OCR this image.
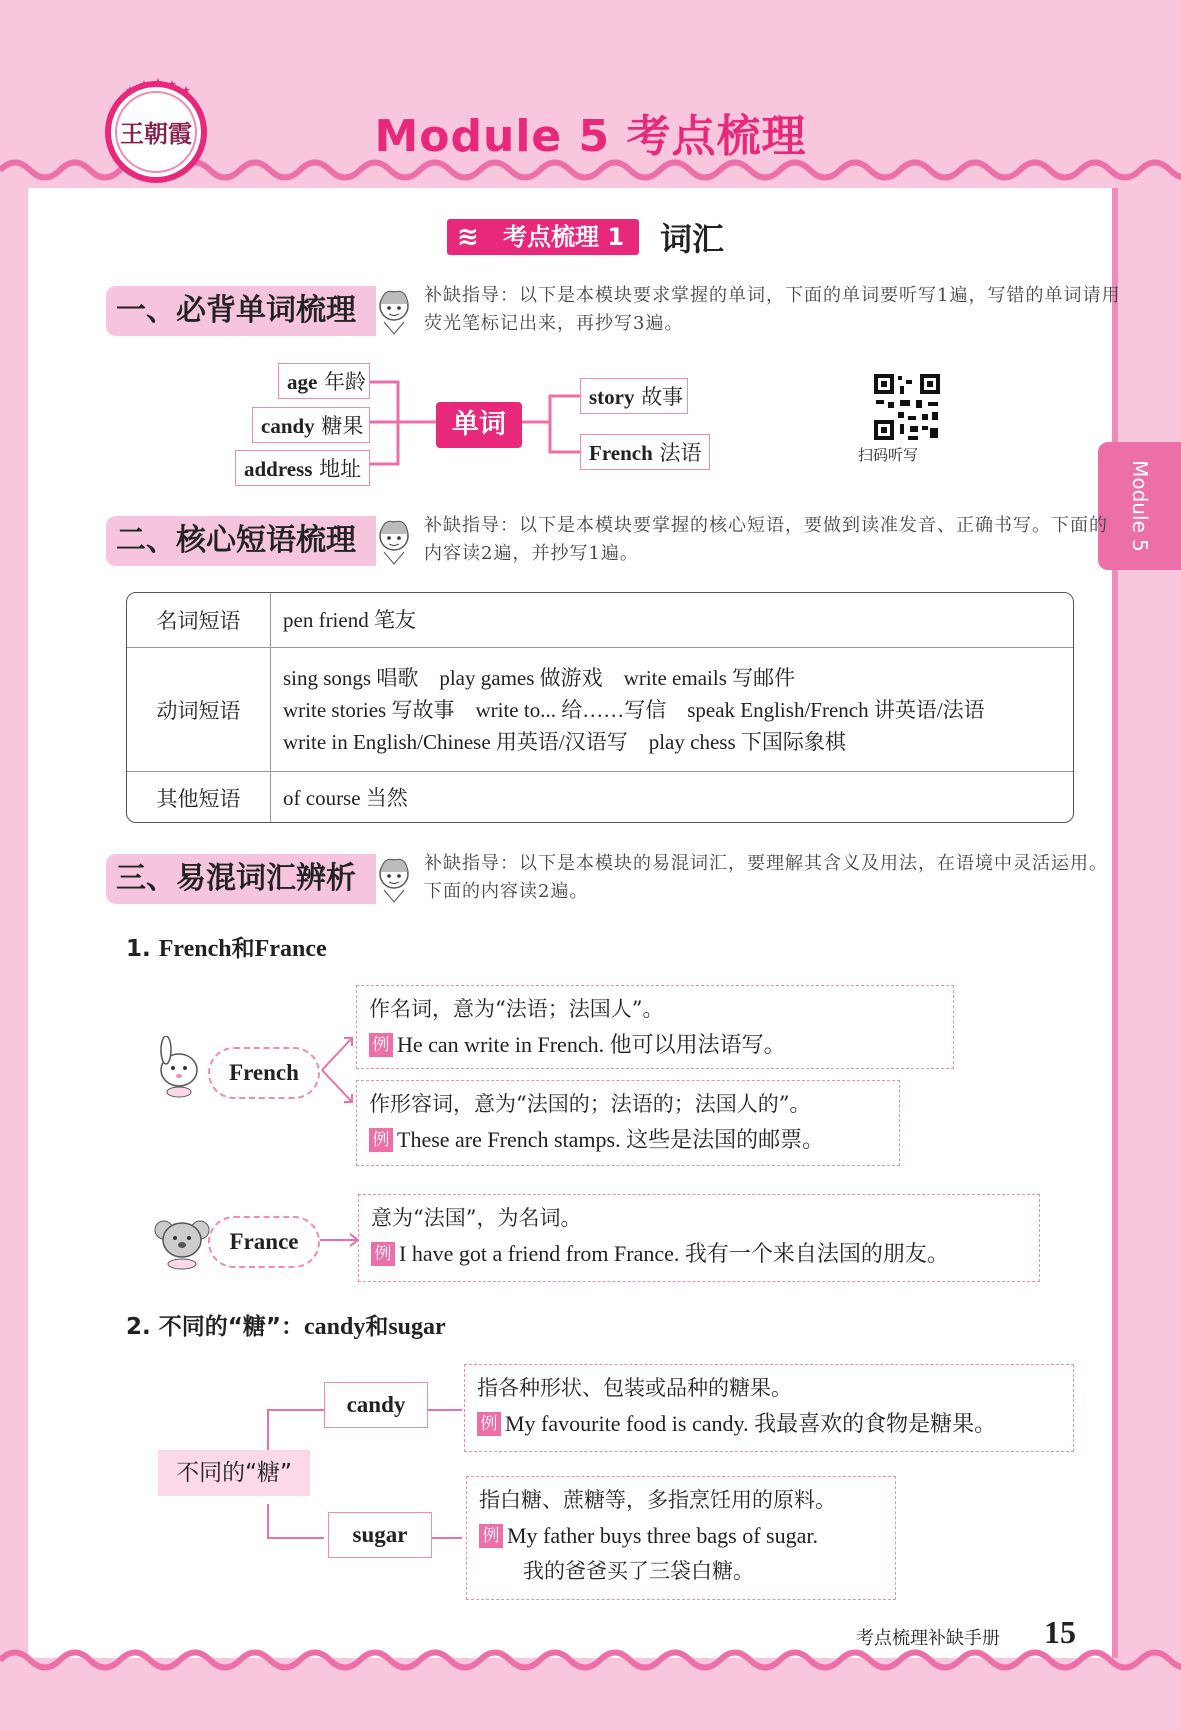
王朝霞	Module 5 考点梳理
Module 5
≋ 考点梳理 1	词汇
一、必背单词梳理	补缺指导：以下是本模块要求掌握的单词，下面的单词要听写1遍，写错的单词请用荧光笔标记出来，再抄写3遍。
age 年龄
candy 糖果
address 地址
单词
story 故事
French 法语	扫码听写
二、核心短语梳理	补缺指导：以下是本模块要掌握的核心短语，要做到读准发音、正确书写。下面的内容读2遍，并抄写1遍。
名词短语	pen friend 笔友
动词短语
sing songs 唱歌    play games 做游戏    write emails 写邮件
write stories 写故事    write to... 给……写信    speak English/French 讲英语/法语
write in English/Chinese 用英语/汉语写    play chess 下国际象棋
其他短语	of course 当然
三、易混词汇辨析	补缺指导：以下是本模块的易混词汇，要理解其含义及用法，在语境中灵活运用。下面的内容读2遍。
1. French和France
French
作名词，意为“法语；法国人”。
例 He can write in French. 他可以用法语写。
作形容词，意为“法国的；法语的；法国人的”。
例 These are French stamps. 这些是法国的邮票。
France
意为“法国”，为名词。
例 I have got a friend from France. 我有一个来自法国的朋友。
2. 不同的“糖”：candy和sugar
不同的“糖”
candy
sugar
指各种形状、包装或品种的糖果。
例 My favourite food is candy. 我最喜欢的食物是糖果。
指白糖、蔗糖等，多指烹饪用的原料。
例 My father buys three bags of sugar.
我的爸爸买了三袋白糖。
考点梳理补缺手册 15
